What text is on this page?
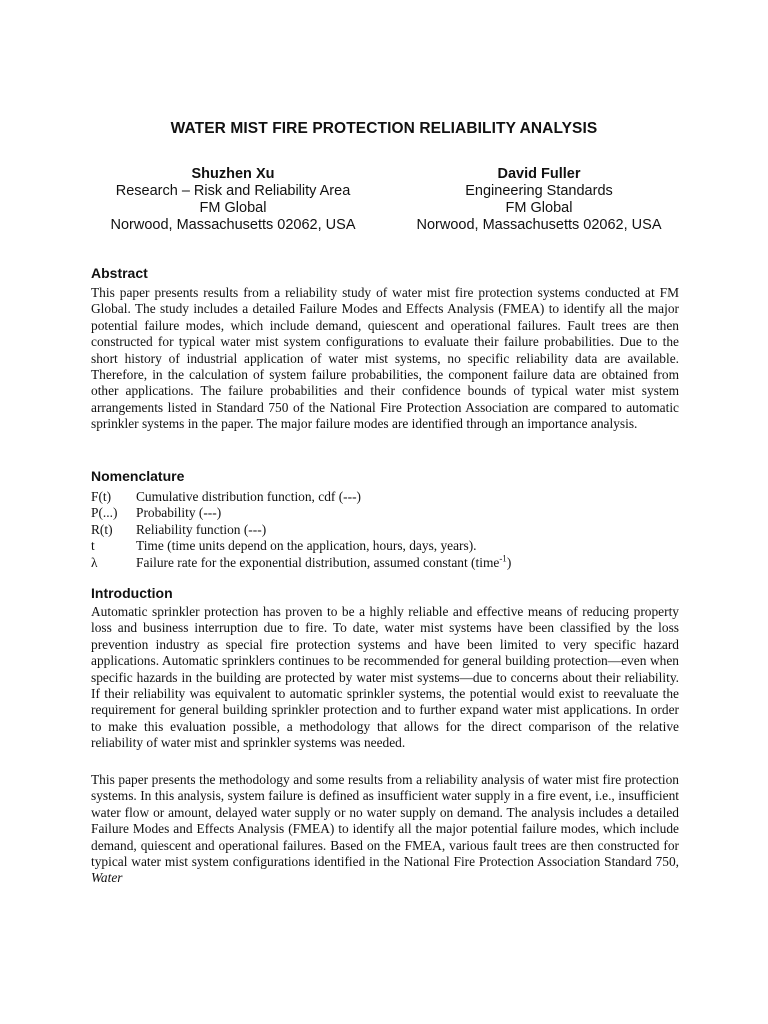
WATER MIST FIRE PROTECTION RELIABILITY ANALYSIS
Shuzhen Xu
Research – Risk and Reliability Area
FM Global
Norwood, Massachusetts 02062, USA
David Fuller
Engineering Standards
FM Global
Norwood, Massachusetts 02062, USA
Abstract
This paper presents results from a reliability study of water mist fire protection systems conducted at FM Global. The study includes a detailed Failure Modes and Effects Analysis (FMEA) to identify all the major potential failure modes, which include demand, quiescent and operational failures. Fault trees are then constructed for typical water mist system configurations to evaluate their failure probabilities. Due to the short history of industrial application of water mist systems, no specific reliability data are available. Therefore, in the calculation of system failure probabilities, the component failure data are obtained from other applications. The failure probabilities and their confidence bounds of typical water mist system arrangements listed in Standard 750 of the National Fire Protection Association are compared to automatic sprinkler systems in the paper. The major failure modes are identified through an importance analysis.
Nomenclature
F(t)	Cumulative distribution function, cdf (---)
P(...)	Probability (---)
R(t)	Reliability function (---)
t	Time (time units depend on the application, hours, days, years).
λ	Failure rate for the exponential distribution, assumed constant (time$^{-1}$)
Introduction
Automatic sprinkler protection has proven to be a highly reliable and effective means of reducing property loss and business interruption due to fire. To date, water mist systems have been classified by the loss prevention industry as special fire protection systems and have been limited to very specific hazard applications. Automatic sprinklers continues to be recommended for general building protection—even when specific hazards in the building are protected by water mist systems—due to concerns about their reliability. If their reliability was equivalent to automatic sprinkler systems, the potential would exist to reevaluate the requirement for general building sprinkler protection and to further expand water mist applications. In order to make this evaluation possible, a methodology that allows for the direct comparison of the relative reliability of water mist and sprinkler systems was needed.
This paper presents the methodology and some results from a reliability analysis of water mist fire protection systems. In this analysis, system failure is defined as insufficient water supply in a fire event, i.e., insufficient water flow or amount, delayed water supply or no water supply on demand. The analysis includes a detailed Failure Modes and Effects Analysis (FMEA) to identify all the major potential failure modes, which include demand, quiescent and operational failures. Based on the FMEA, various fault trees are then constructed for typical water mist system configurations identified in the National Fire Protection Association Standard 750, Water
